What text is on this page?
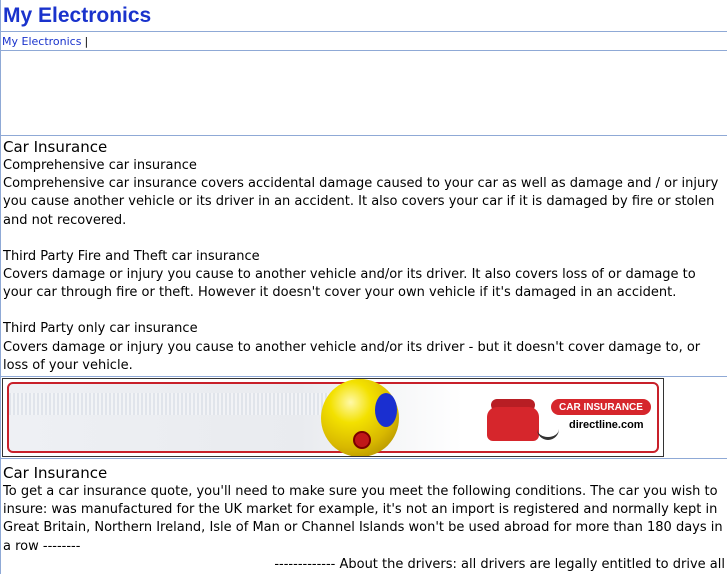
My Electronics
My Electronics |
Car Insurance

Comprehensive car insurance

Comprehensive car insurance covers accidental damage caused to your car as well as damage and / or injury you cause another vehicle or its driver in an accident. It also covers your car if it is damaged by fire or stolen and not recovered.

Third Party Fire and Theft car insurance

Covers damage or injury you cause to another vehicle and/or its driver. It also covers loss of or damage to your car through fire or theft. However it doesn't cover your own vehicle if it's damaged in an accident.

Third Party only car insurance

Covers damage or injury you cause to another vehicle and/or its driver - but it doesn't cover damage to, or loss of your vehicle.

CAR INSURANCE
directline.com
Car Insurance

To get a car insurance quote, you'll need to make sure you meet the following conditions. The car you wish to insure: was manufactured for the UK market for example, it's not an import is registered and normally kept in Great Britain, Northern Ireland, Isle of Man or Channel Islands won't be used abroad for more than 180 days in a row --------

------------- About the drivers: all drivers are legally entitled to drive all
